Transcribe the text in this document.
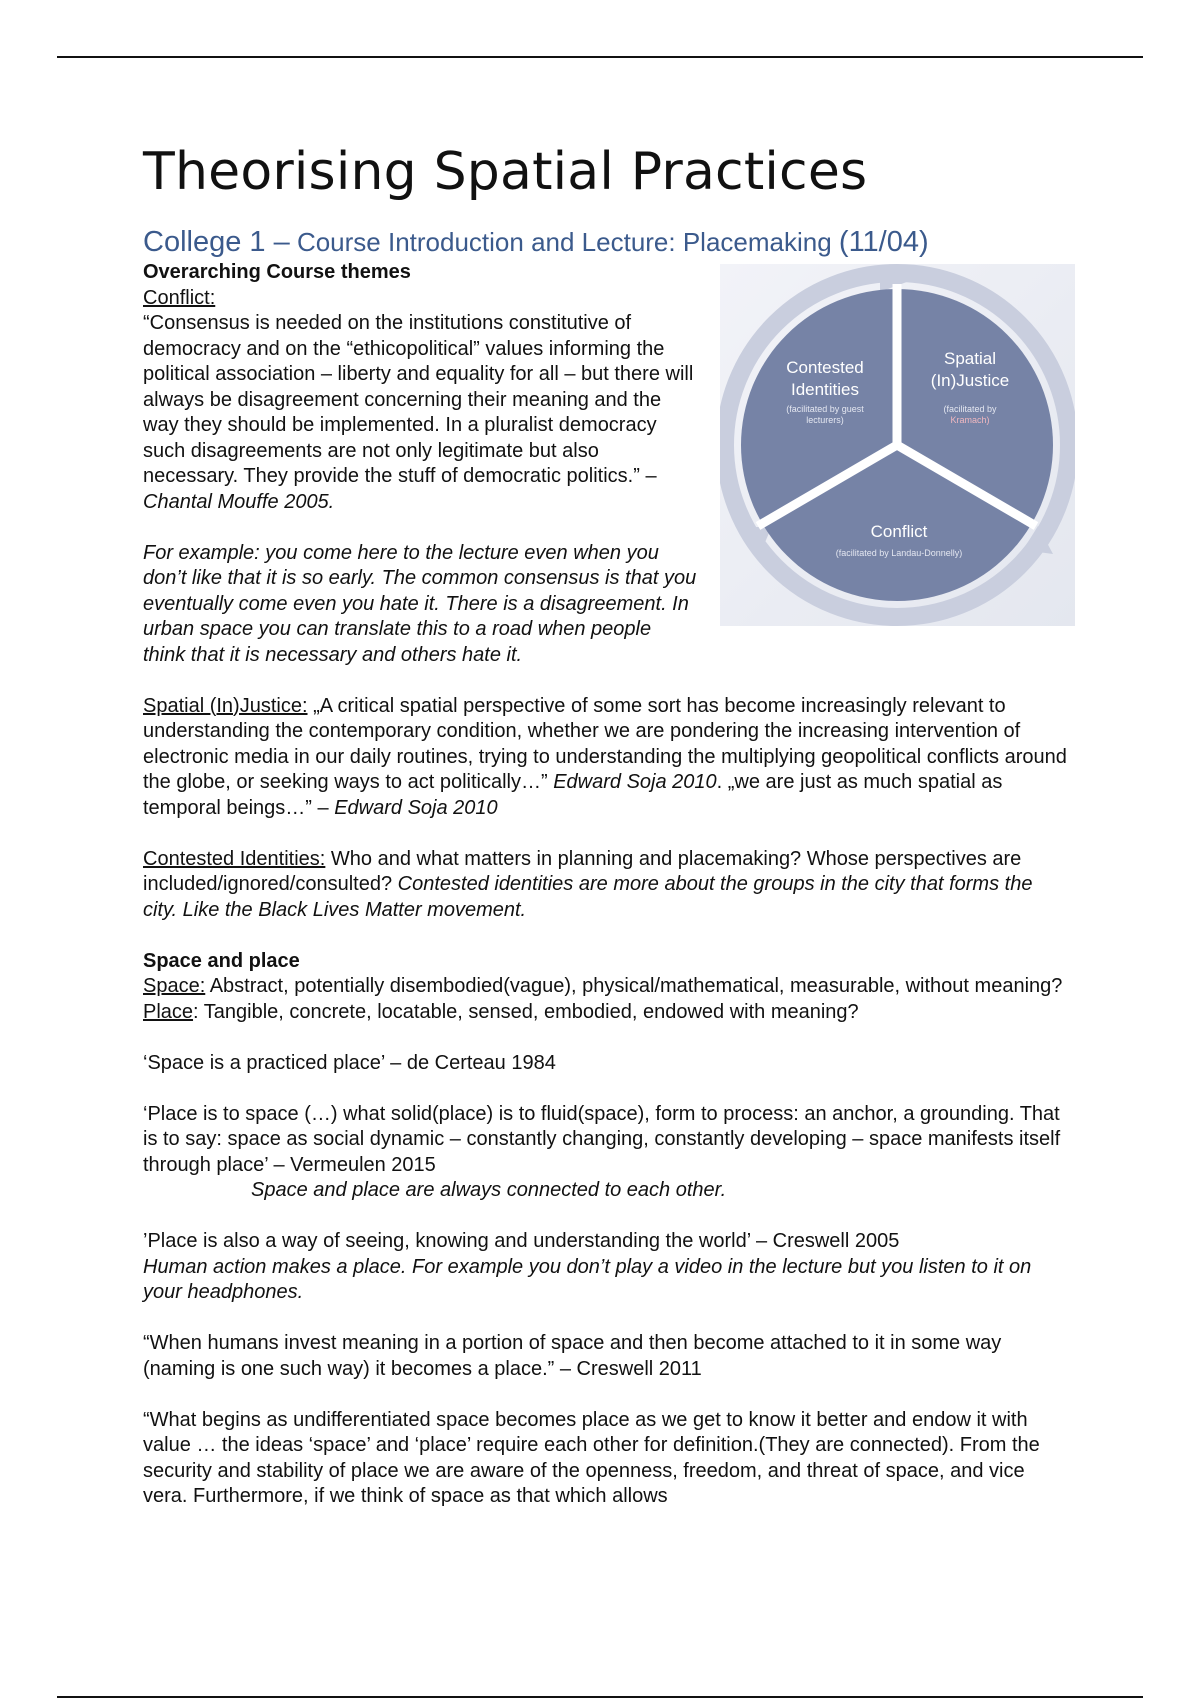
Theorising Spatial Practices
College 1 – Course Introduction and Lecture: Placemaking (11/04)
Contested
Identities
(facilitated by guest
lecturers)
Spatial
(In)Justice
(facilitated by
Kramach)
Conflict
(facilitated by Landau-Donnelly)

Overarching Course themes

Conflict:

“Consensus is needed on the institutions constitutive of democracy and on the “ethicopolitical” values informing the political association – liberty and equality for all – but there will always be disagreement concerning their meaning and the way they should be implemented. In a pluralist democracy such disagreements are not only legitimate but also necessary. They provide the stuff of democratic politics.” – Chantal Mouffe 2005.

For example: you come here to the lecture even when you don’t like that it is so early. The common consensus is that you eventually come even you hate it. There is a disagreement. In urban space you can translate this to a road when people think that it is necessary and others hate it.

Spatial (In)Justice: „A critical spatial perspective of some sort has become increasingly relevant to understanding the contemporary condition, whether we are pondering the increasing intervention of electronic media in our daily routines, trying to understanding the multiplying geopolitical conflicts around the globe, or seeking ways to act politically…” Edward Soja 2010. „we are just as much spatial as temporal beings…” – Edward Soja 2010

Contested Identities: Who and what matters in planning and placemaking? Whose perspectives are included/ignored/consulted? Contested identities are more about the groups in the city that forms the city. Like the Black Lives Matter movement.

Space and place

Space: Abstract, potentially disembodied(vague), physical/mathematical, measurable, without meaning?

Place: Tangible, concrete, locatable, sensed, embodied, endowed with meaning?

‘Space is a practiced place’ – de Certeau 1984

‘Place is to space (…) what solid(place) is to fluid(space), form to process: an anchor, a grounding. That is to say: space as social dynamic – constantly changing, constantly developing – space manifests itself through place’ – Vermeulen 2015

Space and place are always connected to each other.

’Place is also a way of seeing, knowing and understanding the world’ – Creswell 2005

Human action makes a place. For example you don’t play a video in the lecture but you listen to it on your headphones.

“When humans invest meaning in a portion of space and then become attached to it in some way (naming is one such way) it becomes a place.” – Creswell 2011

“What begins as undifferentiated space becomes place as we get to know it better and endow it with value … the ideas ‘space’ and ‘place’ require each other for definition.(They are connected). From the security and stability of place we are aware of the openness, freedom, and threat of space, and vice vera. Furthermore, if we think of space as that which allows
